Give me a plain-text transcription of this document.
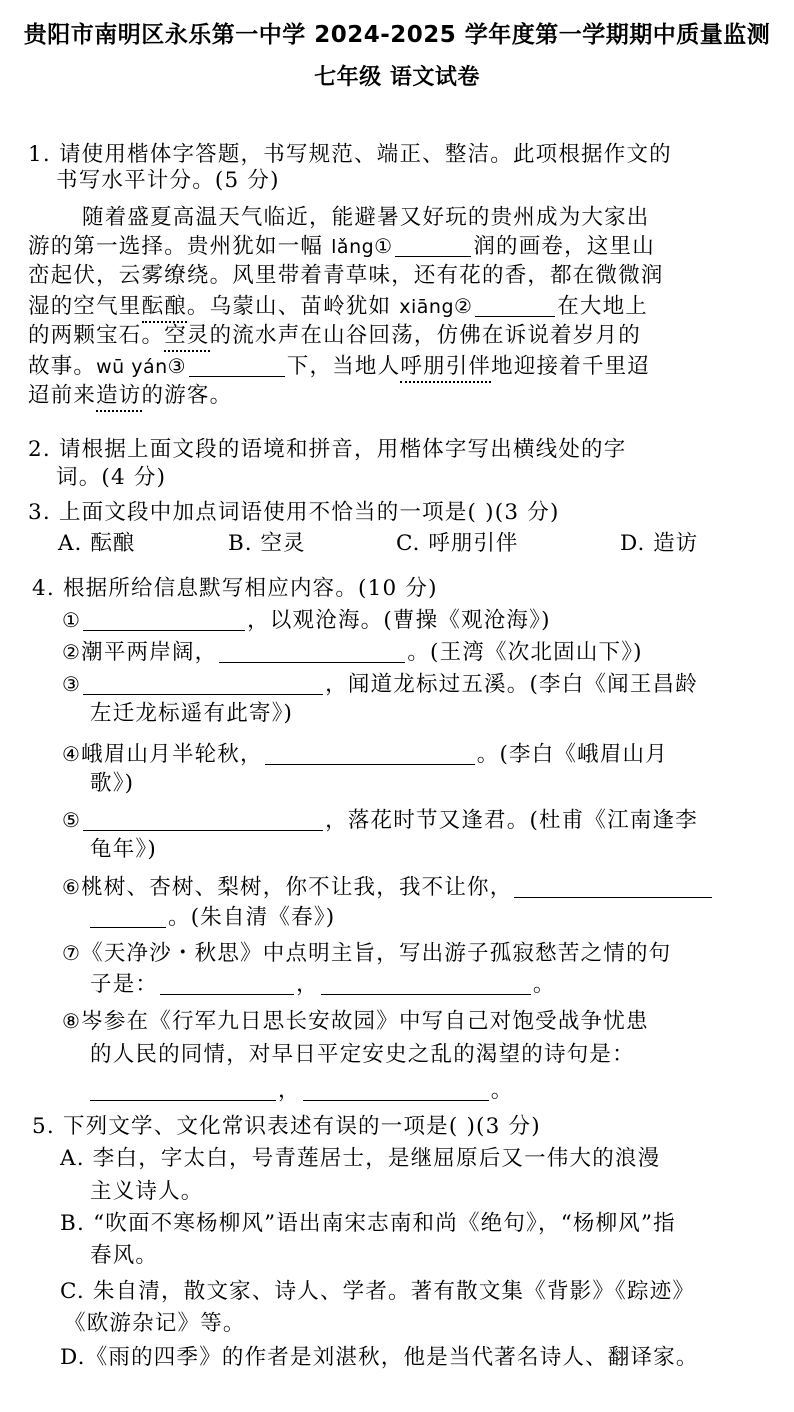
贵阳市南明区永乐第一中学 2024-2025 学年度第一学期期中质量监测
七年级 语文试卷
1. 请使用楷体字答题，书写规范、端正、整洁。此项根据作文的
书写水平计分。(5 分)
随着盛夏高温天气临近，能避暑又好玩的贵州成为大家出
游的第一选择。贵州犹如一幅 lǎng①	润的画卷，这里山
峦起伏，云雾缭绕。风里带着青草味，还有花的香，都在微微润
湿的空气里酝酿。乌蒙山、苗岭犹如 xiāng②	在大地上
的两颗宝石。空灵的流水声在山谷回荡，仿佛在诉说着岁月的
故事。wū yán③	下，当地人呼朋引伴地迎接着千里迢
迢前来造访的游客。
2. 请根据上面文段的语境和拼音，用楷体字写出横线处的字
词。(4 分)
3. 上面文段中加点词语使用不恰当的一项是( )(3 分)
A. 酝酿	B. 空灵	C. 呼朋引伴	D. 造访
4. 根据所给信息默写相应内容。(10 分)
①	，以观沧海。(曹操《观沧海》)
②潮平两岸阔，	。(王湾《次北固山下》)
③	，闻道龙标过五溪。(李白《闻王昌龄
左迁龙标遥有此寄》)
④峨眉山月半轮秋，	。(李白《峨眉山月
歌》)
⑤	，落花时节又逢君。(杜甫《江南逢李
龟年》)
⑥桃树、杏树、梨树，你不让我，我不让你，
。(朱自清《春》)
⑦《天净沙・秋思》中点明主旨，写出游子孤寂愁苦之情的句
子是：	，	。
⑧岑参在《行军九日思长安故园》中写自己对饱受战争忧患
的人民的同情，对早日平定安史之乱的渴望的诗句是：
，	。
5. 下列文学、文化常识表述有误的一项是( )(3 分)
A. 李白，字太白，号青莲居士，是继屈原后又一伟大的浪漫
主义诗人。
B. “吹面不寒杨柳风”语出南宋志南和尚《绝句》，“杨柳风”指
春风。
C. 朱自清，散文家、诗人、学者。著有散文集《背影》《踪迹》
《欧游杂记》等。
D.《雨的四季》的作者是刘湛秋，他是当代著名诗人、翻译家。
